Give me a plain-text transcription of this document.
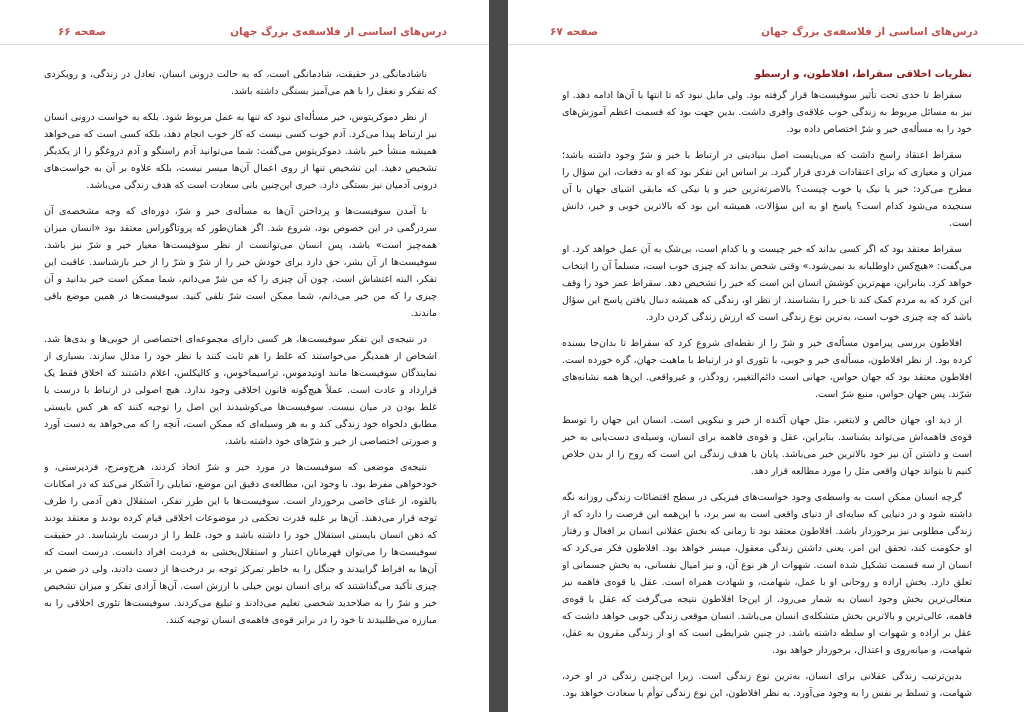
درس‌های اساسی از فلاسفه‌ی بزرگ جهان
صفحه ۶۶

ناشادمانگی در حقیقت، شادمانگی است، که به حالت درونی انسان، تعادل در زندگی، و رویکردی که تفکر و تعقل را با هم می‌آمیز بستگی داشته باشد.

از نظر دموکریتوس، خیر مسأله‌ای نبود که تنها به عمل مربوط شود. بلکه به خواست درونی انسان نیز ارتباط پیدا می‌کرد. آدم خوب کسی نیست که کار خوب انجام دهد، بلکه کسی است که می‌خواهد همیشه منشأ خیر باشد. دموکریتوس می‌گفت: شما می‌توانید آدم راستگو و آدم دروغگو را از یکدیگر تشخیص دهید. این تشخیص تنها از روی اعمال آن‌ها میسر نیست، بلکه علاوه بر آن به خواست‌های درونی آدمیان نیز بستگی دارد. خیری این‌چنین بانی سعادت است که هدف زندگی می‌باشد.

با آمدن سوفیست‌ها و پرداختن آن‌ها به مسأله‌ی خیر و شرّ، دوره‌ای که وجه مشخصه‌ی آن سردرگمی در این خصوص بود، شروع شد. اگر همان‌طور که پروتاگوراس معتقد بود «انسان میزان همه‌چیز است» باشد، پس انسان می‌توانست از نظر سوفیست‌ها معیار خیر و شرّ نیز باشد. سوفیست‌ها از آن بشر، حق دارد برای خودش خیر را از شرّ و شرّ را از خیر بازشناسد. عاقبت این تفکر، البته اغتشاش است. چون آن چیزی را که من شرّ می‌دانم، شما ممکن است خیر بدانید و آن چیزی را که من خیر می‌دانم، شما ممکن است شرّ تلقی کنید. سوفیست‌ها در همین موضع باقی ماندند.

در نتیجه‌ی این تفکر سوفیست‌ها، هر کسی دارای مجموعه‌ای اختصاصی از خوبی‌ها و بدی‌ها شد. اشخاص از همدیگر می‌خواستند که غلط را هم ثابت کنند یا نظر خود را مدلل سازند. بسیاری از نمایندگان سوفیست‌ها مانند اوتیدموس، تراسیماخوس، و کالیکلس، اعلام داشتند که اخلاق فقط یک قرارداد و عادت است. عملاً هیچ‌گونه قانون اخلاقی وجود ندارد. هیچ اصولی در ارتباط با درست یا غلط بودن در میان نیست. سوفیست‌ها می‌کوشیدند این اصل را توجیه کنند که هر کس بایستی مطابق دلخواه خود زندگی کند و به هر وسیله‌ای که ممکن است، آنچه را که می‌خواهد به دست آورد و صورتی اختصاصی از خیر و شرّهای خود داشته باشد.

نتیجه‌ی موضعی که سوفیست‌ها در مورد خیر و شرّ اتخاذ کردند، هرج‌ومرج، فردپرستی، و خودخواهی مفرط بود. با وجود این، مطالعه‌ی دقیق این موضع، تمایلی را آشکار می‌کند که در امکانات بالقوه، از غنای خاصی برخوردار است. سوفیست‌ها با این طرز تفکر، استقلال ذهن آدمی را طرف توجه قرار می‌دهند. آن‌ها بر علیه قدرت تحکمی در موضوعات اخلاقی قیام کرده بودند و معتقد بودند که ذهن انسان بایستی استقلال خود را داشته باشد و خود، غلط را از درست بازشناسد. در حقیقت سوفیست‌ها را می‌توان قهرمانان اعتبار و استقلال‌بخشی به فردیت افراد دانست. درست است که آن‌ها به افراط گراییدند و جنگل را به خاطر تمرکز توجه بر درخت‌ها از دست دادند، ولی در ضمن بر چیزی تأکید می‌گذاشتند که برای انسان نوین خیلی با ارزش است. آن‌ها آزادی تفکر و میزان تشخیص خیر و شرّ را به صلاحدید شخصی تعلیم می‌دادند و تبلیغ می‌کردند. سوفیست‌ها تئوری اخلاقی را به مبارزه می‌طلبیدند تا خود را در برابر قوه‌ی فاهمه‌ی انسان توجیه کنند.

درس‌های اساسی از فلاسفه‌ی بزرگ جهان
صفحه ۶۷
نظریات اخلاقی سقراط، افلاطون، و ارسطو

سقراط تا حدی تحت تأثیر سوفیست‌ها قرار گرفته بود. ولی مایل نبود که تا انتها با آن‌ها ادامه دهد. او نیز به مسائل مربوط به زندگی خوب علاقه‌ی وافری داشت. بدین جهت بود که قسمت اعظم آموزش‌های خود را به مسأله‌ی خیر و شرّ اختصاص داده بود.

سقراط اعتقاد راسخ داشت که می‌بایست اصل بنیادینی در ارتباط با خیر و شرّ وجود داشته باشد؛ میزان و معیاری که برای اعتقادات فردی قرار گیرد. بر اساس این تفکر بود که او به دفعات، این سؤال را مطرح می‌کرد: خیر یا نیک یا خوب چیست؟ بالاصرته‌ترین خیر و یا نیکی که مابقی اشیای جهان با آن سنجیده می‌شود کدام است؟ پاسخ او به این سؤالات، همیشه این بود که بالاترین خوبی و خیر، دانش است.

سقراط معتقد بود که اگر کسی بداند که خیر چیست و یا کدام است، بی‌شک به آن عمل خواهد کرد. او می‌گفت: «هیچ‌کس داوطلبانه بد نمی‌شود.» وقتی شخص بداند که چیزی خوب است، مسلماً آن را انتخاب خواهد کرد. بنابراین، مهم‌ترین کوشش انسان این است که خیر را تشخیص دهد. سقراط عمر خود را وقف این کرد که به مردم کمک کند تا خیر را بشناسند. از نظر او، زندگی که همیشه دنبال یافتن پاسخ این سؤال باشد که چه چیزی خوب است، به‌ترین نوع زندگی است که ارزش زندگی کردن دارد.

افلاطون بررسی پیرامون مسأله‌ی خیر و شرّ را از نقطه‌ای شروع کرد که سقراط تا بدان‌جا بسنده کرده بود. از نظر افلاطون، مسأله‌ی خیر و خوبی، با تئوری او در ارتباط با ماهیت جهان، گره خورده است. افلاطون معتقد بود که جهان حواس، جهانی است دائم‌التغییر، زودگذر، و غیرواقعی. این‌ها همه نشانه‌های شرّند. پس جهان حواس، منبع شرّ است.

از دید او، جهان خالص و لایتغیر، مثل جهان آکنده از خیر و نیکویی است. انسان این جهان را توسط قوه‌ی فاهمه‌اش می‌تواند بشناسد. بنابراین، عقل و قوه‌ی فاهمه برای انسان، وسیله‌ی دست‌یابی به خیر است و داشتن آن نیز خود بالاترین خیر می‌باشد. پایان یا هدف زندگی این است که روح را از بدن خلاص کنیم تا بتواند جهان واقعی مثل را مورد مطالعه قرار دهد.

گرچه انسان ممکن است به واسطه‌ی وجود خواست‌های فیزیکی در سطح اقتضائات زندگی روزانه نگه داشته شود و در دنیایی که سایه‌ای از دنیای واقعی است به سر برد، با این‌همه این فرصت را دارد که از زندگی مطلوبی نیز برخوردار باشد. افلاطون معتقد بود تا زمانی که بخش عقلانی انسان بر افعال و رفتار او حکومت کند، تحقق این امر، یعنی داشتن زندگی معقول، میسر خواهد بود. افلاطون فکر می‌کرد که انسان از سه قسمت تشکیل شده است. شهوات از هر نوع آن، و نیز امیال نفسانی، به بخش جسمانی او تعلق دارد. بخش اراده و روحانی او با عمل، شهامت، و شهادت همراه است. عقل یا قوه‌ی فاهمه نیز متعالی‌ترین بخش وجود انسان به شمار می‌رود. از این‌جا افلاطون نتیجه می‌گرفت که عقل یا قوه‌ی فاهمه، عالی‌ترین و بالاترین بخش متشکله‌ی انسان می‌باشد. انسان موقعی زندگی خوبی خواهد داشت که عقل بر اراده و شهوات او سلطه داشته باشد. در چنین شرایطی است که او از زندگی مقرون به عقل، شهامت، و میانه‌روی و اعتدال، برخوردار خواهد بود.

بدین‌ترتیب زندگی عقلانی برای انسان، به‌ترین نوع زندگی است. زیرا این‌چنین زندگی در او خرد، شهامت، و تسلط بر نفس را به وجود می‌آورد. به نظر افلاطون، این نوع زندگی توأم با سعادت خواهد بود.
